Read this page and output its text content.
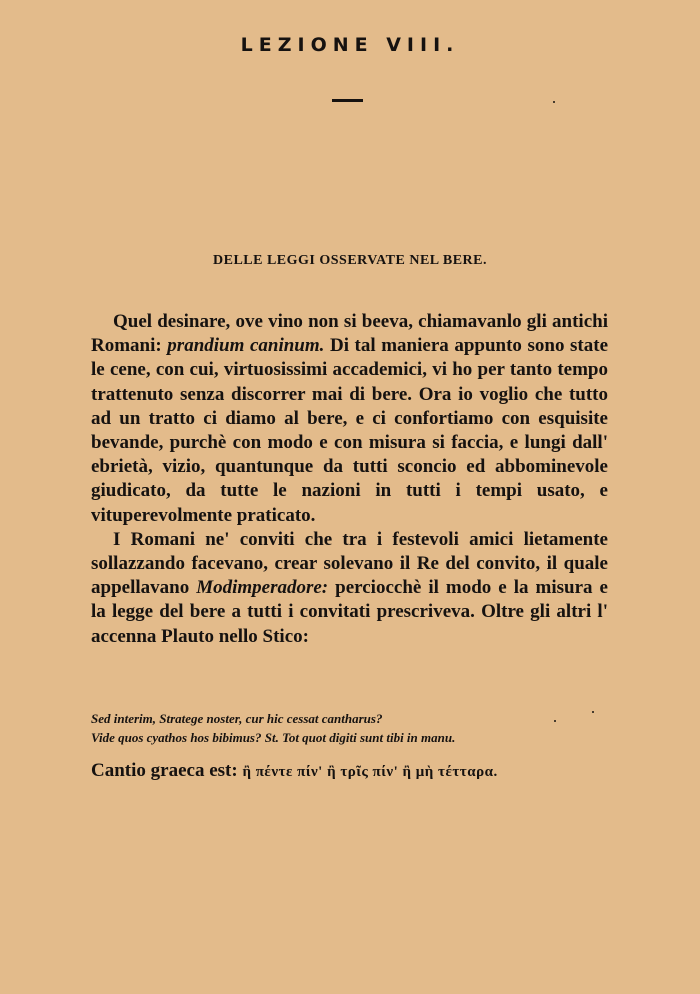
LEZIONE VIII.
DELLE LEGGI OSSERVATE NEL BERE.

Quel desinare, ove vino non si beeva, chiamavanlo gli antichi Romani: prandium caninum. Di tal maniera appunto sono state le cene, con cui, virtuosissimi accademici, vi ho per tanto tempo trattenuto senza discorrer mai di bere. Ora io voglio che tutto ad un tratto ci diamo al bere, e ci confortiamo con esquisite bevande, purchè con modo e con misura si faccia, e lungi dall' ebrietà, vizio, quantunque da tutti sconcio ed abbominevole giudicato, da tutte le nazioni in tutti i tempi usato, e vituperevolmente praticato.

I Romani ne' conviti che tra i festevoli amici lietamente sollazzando facevano, crear solevano il Re del convito, il quale appellavano Modimperadore: perciocchè il modo e la misura e la legge del bere a tutti i convitati prescriveva. Oltre gli altri l' accenna Plauto nello Stico:

Sed interim, Stratege noster, cur hic cessat cantharus?
Vide quos cyathos hos bibimus? St. Tot quot digiti sunt tibi in manu.
Cantio graeca est: ἢ πέντε πίν' ἢ τρῖς πίν' ἢ μὴ τέτταρα.
